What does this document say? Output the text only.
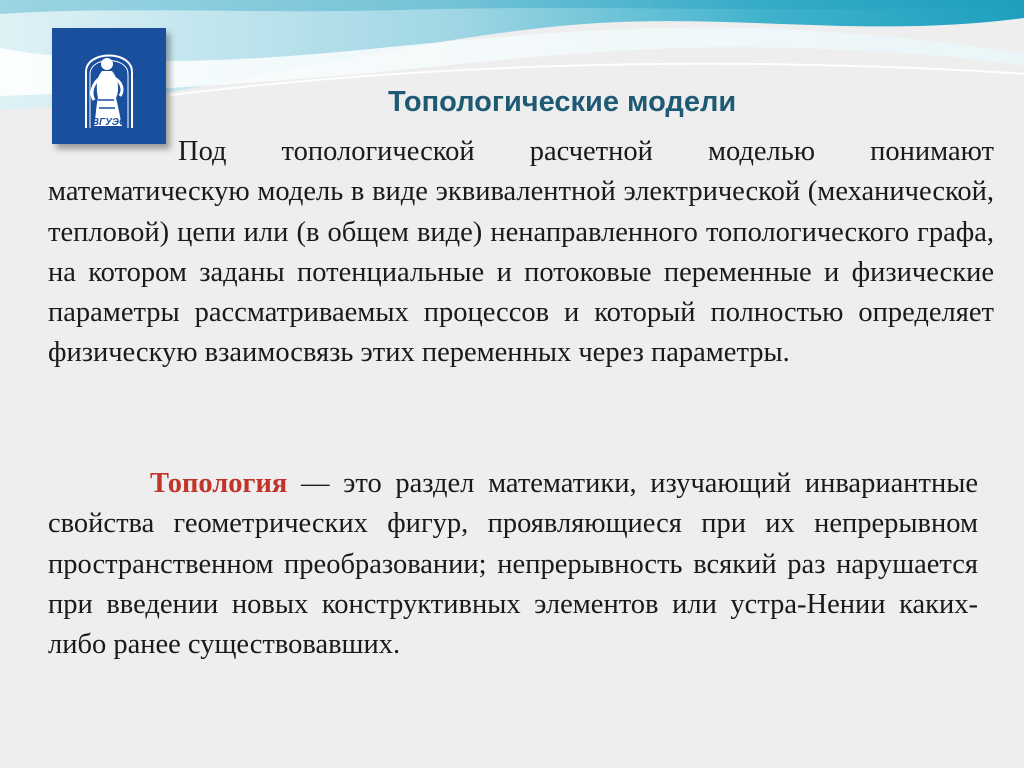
ВГУЭС
Топологические модели

Под топологической расчетной моделью понимают математическую модель в виде эквивалентной электрической (механической, тепловой) цепи или (в общем виде) ненаправленного топологического графа, на котором заданы потенциальные и потоковые переменные и физические параметры рассматриваемых процессов и который полностью определяет физическую взаимосвязь этих переменных через параметры.

Топология — это раздел математики, изучающий инвариантные свойства геометрических фигур, проявляющиеся при их непрерывном пространственном преобразовании; непрерывность всякий раз нарушается при введении новых конструктивных элементов или устра-Нении каких-либо ранее существовавших.
